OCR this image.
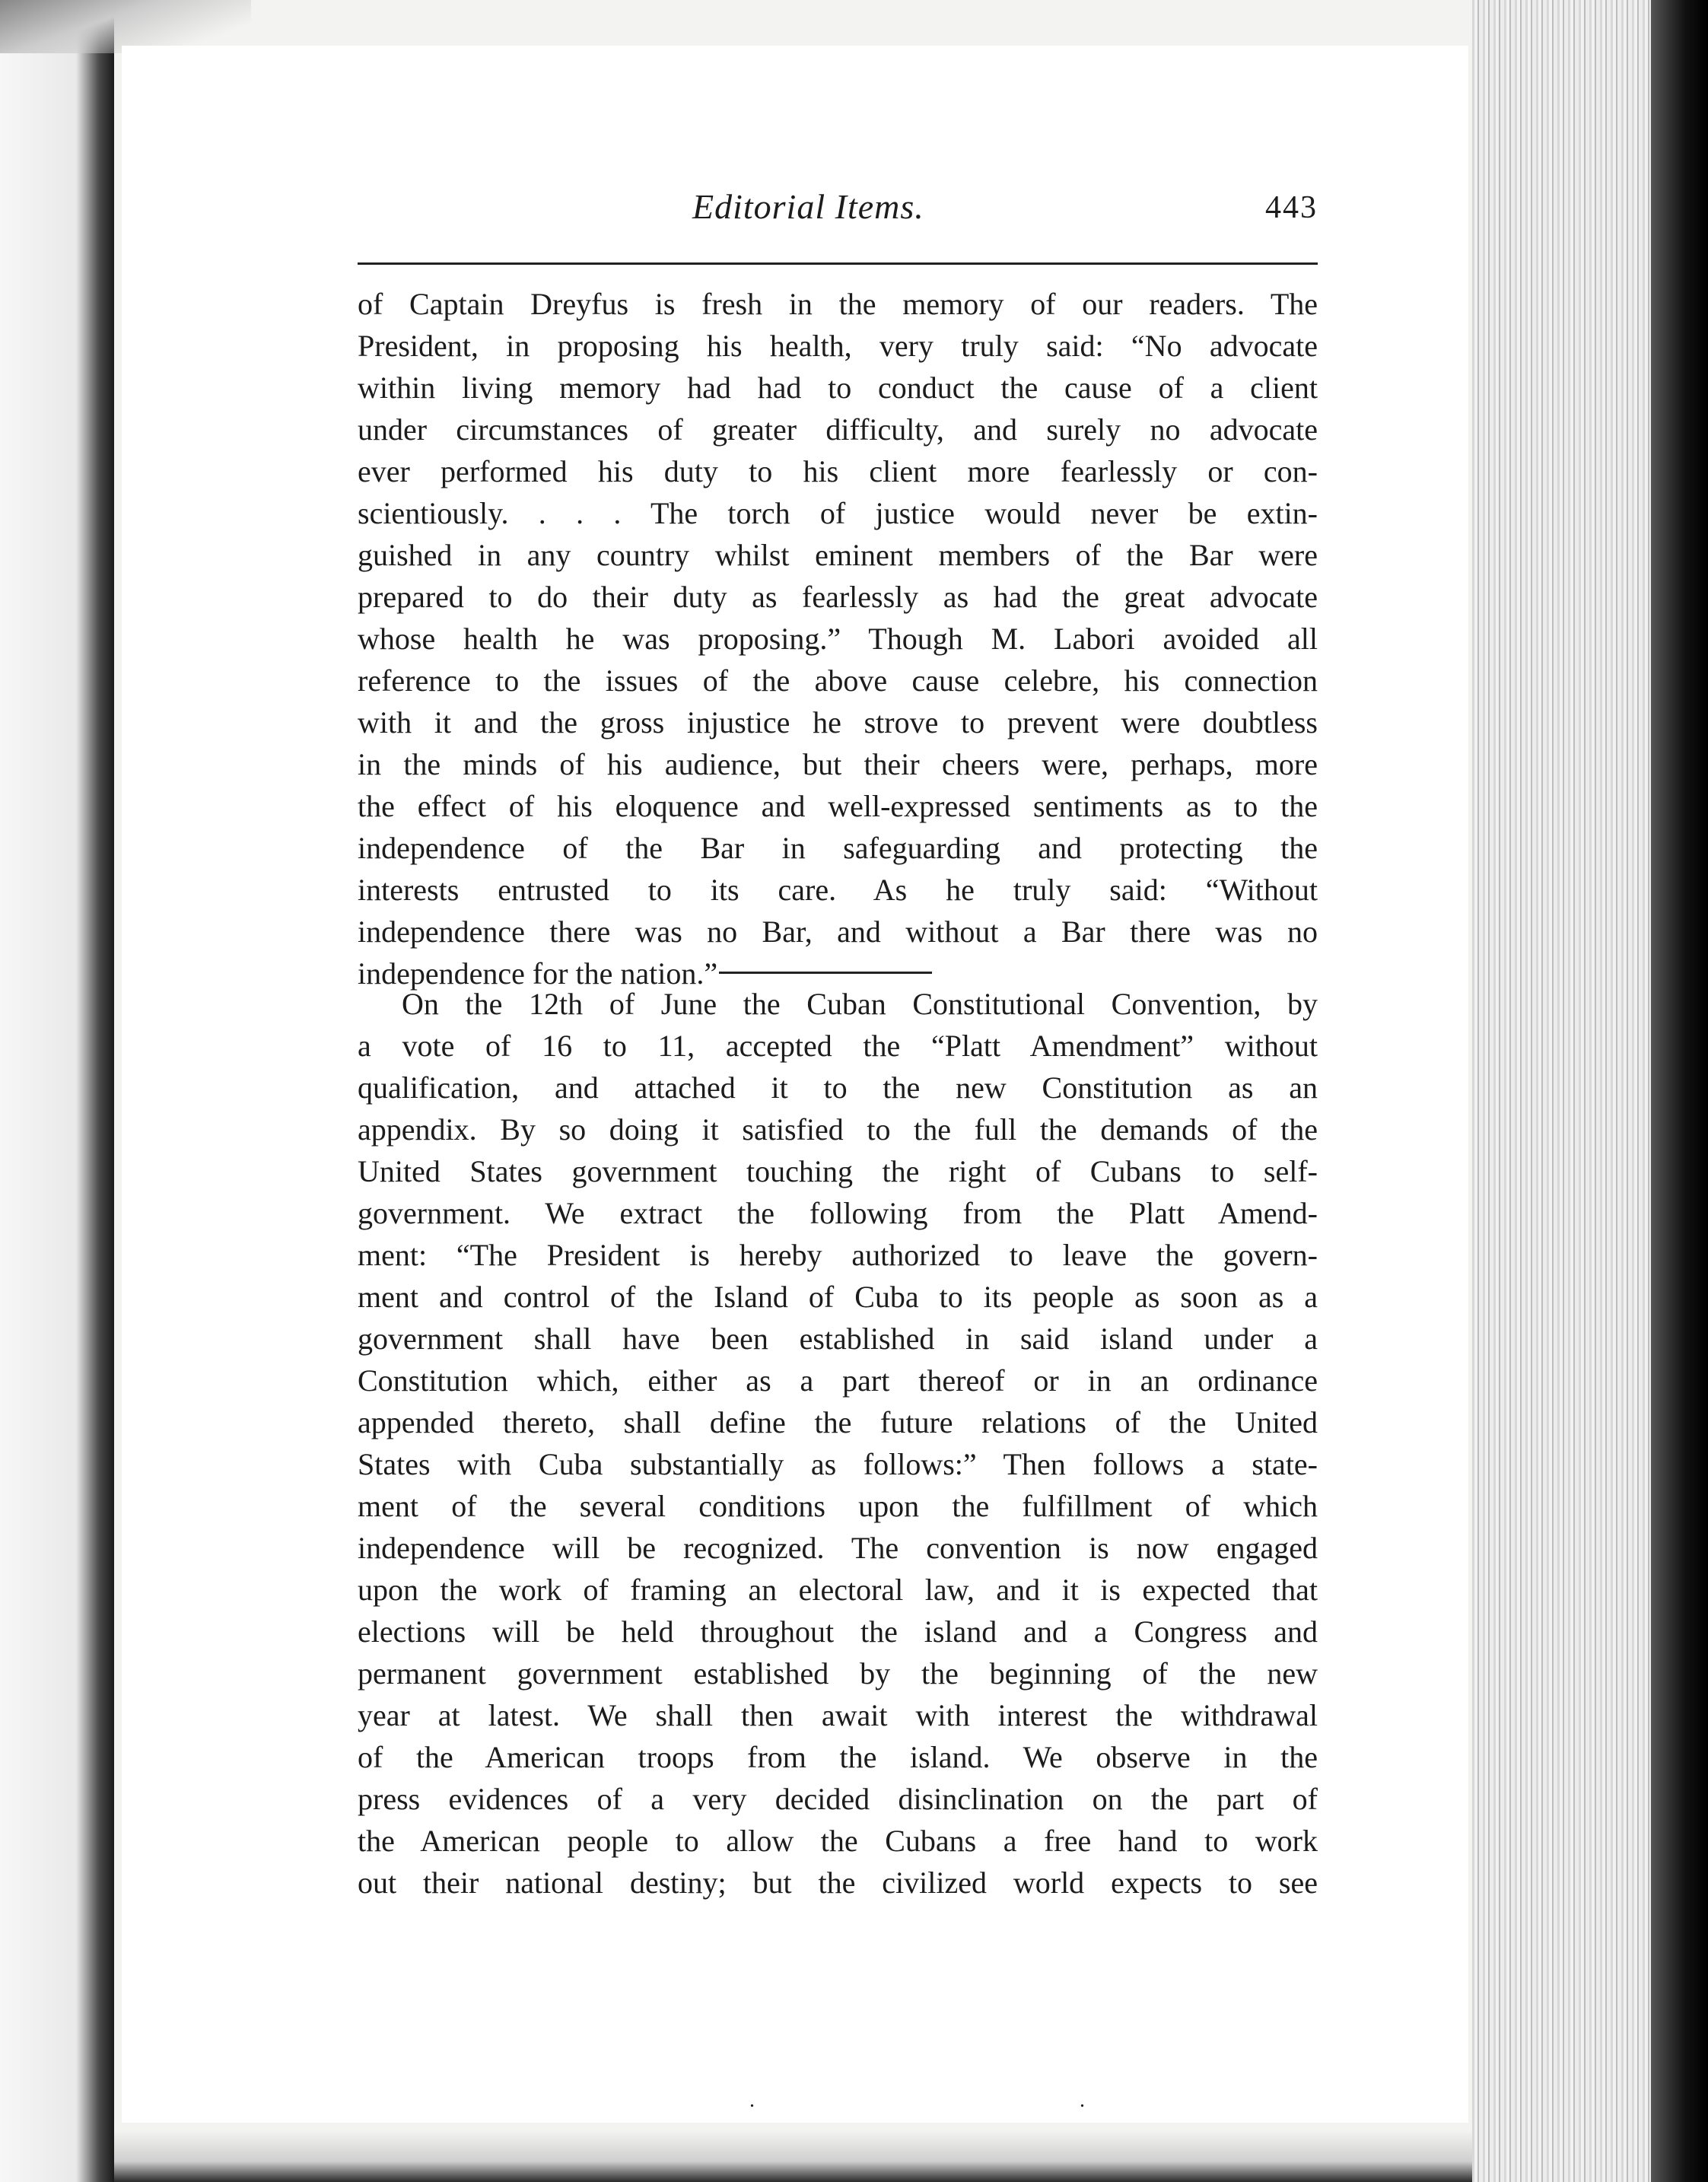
Editorial Items.	443
of Captain Dreyfus is fresh in the memory of our readers. The
President, in proposing his health, very truly said: “No advocate
within living memory had had to conduct the cause of a client
under circumstances of greater difficulty, and surely no advocate
ever performed his duty to his client more fearlessly or con-
scientiously. . . . The torch of justice would never be extin-
guished in any country whilst eminent members of the Bar were
prepared to do their duty as fearlessly as had the great advocate
whose health he was proposing.” Though M. Labori avoided all
reference to the issues of the above cause celebre, his connection
with it and the gross injustice he strove to prevent were doubtless
in the minds of his audience, but their cheers were, perhaps, more
the effect of his eloquence and well-expressed sentiments as to the
independence of the Bar in safeguarding and protecting the
interests entrusted to its care. As he truly said: “Without
independence there was no Bar, and without a Bar there was no
independence for the nation.”
On the 12th of June the Cuban Constitutional Convention, by
a vote of 16 to 11, accepted the “Platt Amendment” without
qualification, and attached it to the new Constitution as an
appendix. By so doing it satisfied to the full the demands of the
United States government touching the right of Cubans to self-
government. We extract the following from the Platt Amend-
ment: “The President is hereby authorized to leave the govern-
ment and control of the Island of Cuba to its people as soon as a
government shall have been established in said island under a
Constitution which, either as a part thereof or in an ordinance
appended thereto, shall define the future relations of the United
States with Cuba substantially as follows:” Then follows a state-
ment of the several conditions upon the fulfillment of which
independence will be recognized. The convention is now engaged
upon the work of framing an electoral law, and it is expected that
elections will be held throughout the island and a Congress and
permanent government established by the beginning of the new
year at latest. We shall then await with interest the withdrawal
of the American troops from the island. We observe in the
press evidences of a very decided disinclination on the part of
the American people to allow the Cubans a free hand to work
out their national destiny; but the civilized world expects to see
. .
